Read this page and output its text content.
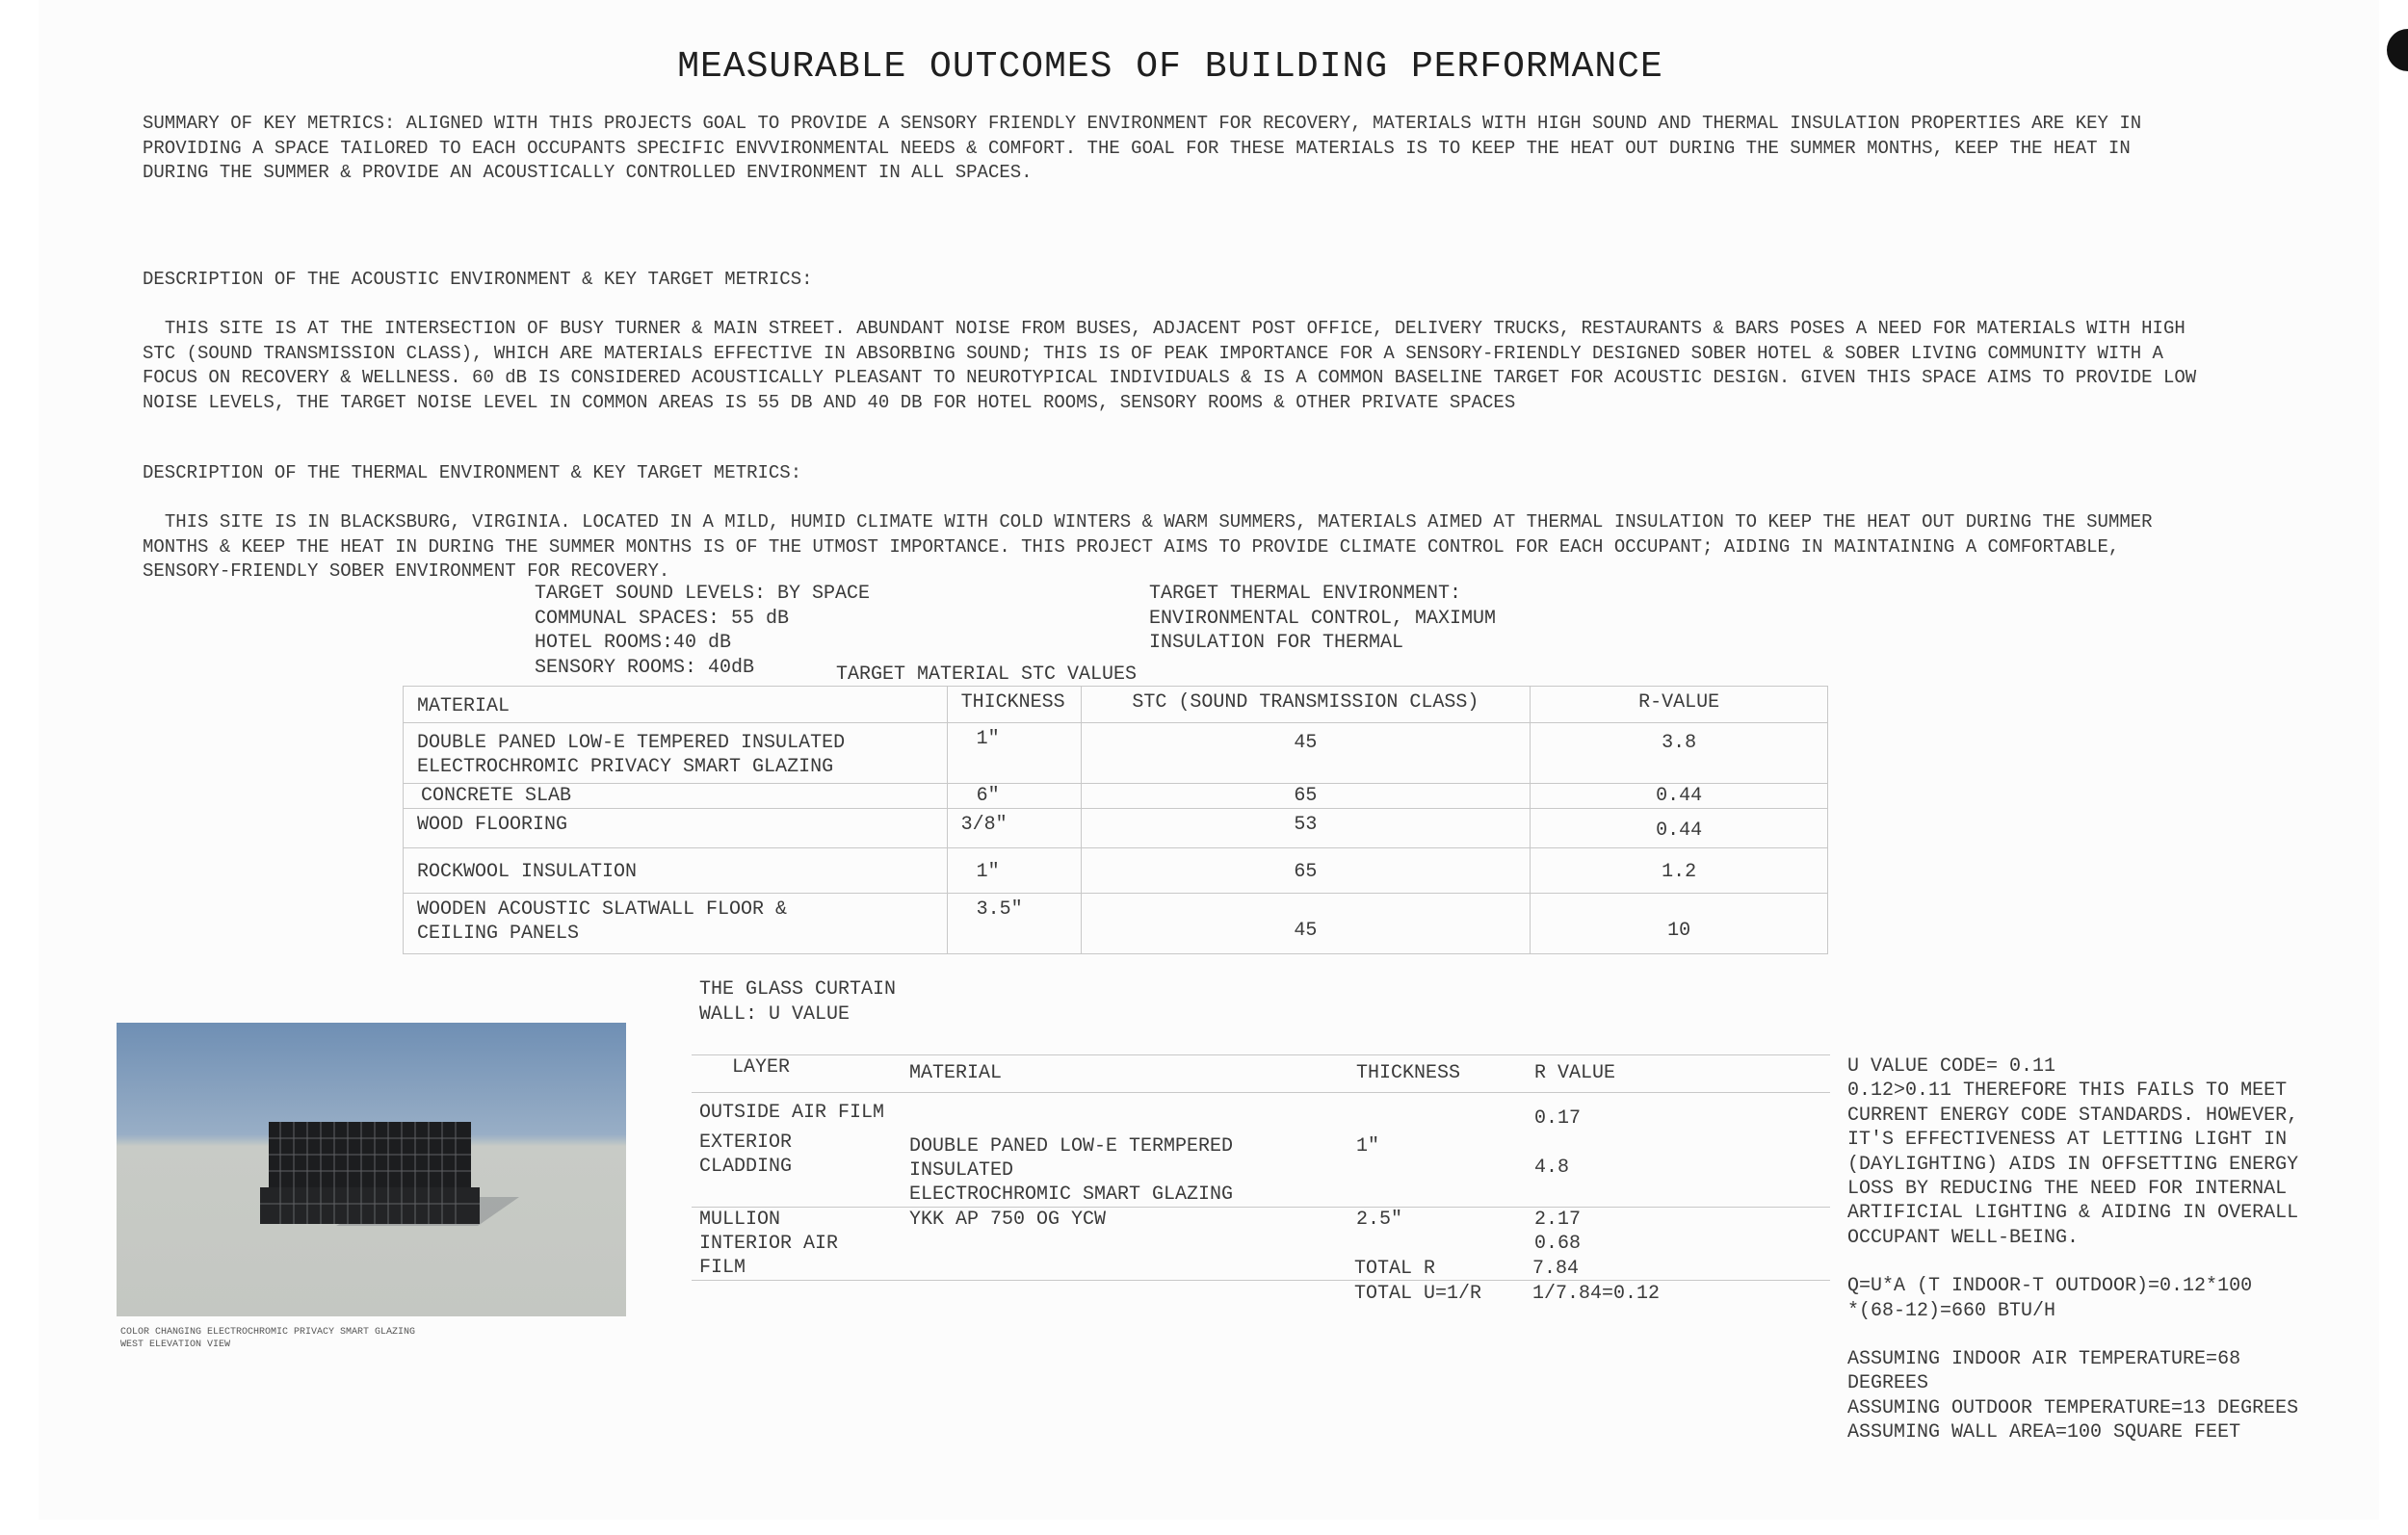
MEASURABLE OUTCOMES OF BUILDING PERFORMANCE
SUMMARY OF KEY METRICS: ALIGNED WITH THIS PROJECTS GOAL TO PROVIDE A SENSORY FRIENDLY ENVIRONMENT FOR RECOVERY, MATERIALS WITH HIGH SOUND AND THERMAL INSULATION PROPERTIES ARE KEY IN PROVIDING A SPACE TAILORED TO EACH OCCUPANTS SPECIFIC ENVVIRONMENTAL NEEDS & COMFORT. THE GOAL FOR THESE MATERIALS IS TO KEEP THE HEAT OUT DURING THE SUMMER MONTHS, KEEP THE HEAT IN DURING THE SUMMER & PROVIDE AN ACOUSTICALLY CONTROLLED ENVIRONMENT IN ALL SPACES.

DESCRIPTION OF THE ACOUSTIC ENVIRONMENT & KEY TARGET METRICS:

THIS SITE IS AT THE INTERSECTION OF BUSY TURNER & MAIN STREET. ABUNDANT NOISE FROM BUSES, ADJACENT POST OFFICE, DELIVERY TRUCKS, RESTAURANTS & BARS POSES A NEED FOR MATERIALS WITH HIGH STC (SOUND TRANSMISSION CLASS), WHICH ARE MATERIALS EFFECTIVE IN ABSORBING SOUND; THIS IS OF PEAK IMPORTANCE FOR A SENSORY-FRIENDLY DESIGNED SOBER HOTEL & SOBER LIVING COMMUNITY WITH A FOCUS ON RECOVERY & WELLNESS. 60 dB IS CONSIDERED ACOUSTICALLY PLEASANT TO NEUROTYPICAL INDIVIDUALS & IS A COMMON BASELINE TARGET FOR ACOUSTIC DESIGN. GIVEN THIS SPACE AIMS TO PROVIDE LOW NOISE LEVELS, THE TARGET NOISE LEVEL IN COMMON AREAS IS 55 DB AND 40 DB FOR HOTEL ROOMS, SENSORY ROOMS & OTHER PRIVATE SPACES

DESCRIPTION OF THE THERMAL ENVIRONMENT & KEY TARGET METRICS:

THIS SITE IS IN BLACKSBURG, VIRGINIA. LOCATED IN A MILD, HUMID CLIMATE WITH COLD WINTERS & WARM SUMMERS, MATERIALS AIMED AT THERMAL INSULATION TO KEEP THE HEAT OUT DURING THE SUMMER MONTHS & KEEP THE HEAT IN DURING THE SUMMER MONTHS IS OF THE UTMOST IMPORTANCE. THIS PROJECT AIMS TO PROVIDE CLIMATE CONTROL FOR EACH OCCUPANT; AIDING IN MAINTAINING A COMFORTABLE, SENSORY-FRIENDLY SOBER ENVIRONMENT FOR RECOVERY.

TARGET SOUND LEVELS: BY SPACE
COMMUNAL SPACES: 55 dB
HOTEL ROOMS:40 dB
SENSORY ROOMS: 40dB
TARGET THERMAL ENVIRONMENT:
ENVIRONMENTAL CONTROL, MAXIMUM
INSULATION FOR THERMAL
TARGET MATERIAL STC VALUES
MATERIAL	THICKNESS	STC (SOUND TRANSMISSION CLASS)	R-VALUE

DOUBLE PANED LOW-E TEMPERED INSULATED
ELECTROCHROMIC PRIVACY SMART GLAZING	1"	45	3.8

CONCRETE SLAB	6"	65	0.44

WOOD FLOORING	3/8"	53	0.44

ROCKWOOL INSULATION	1"	65	1.2

WOODEN ACOUSTIC SLATWALL FLOOR &
CEILING PANELS	3.5"	45	10
THE GLASS CURTAIN
WALL: U VALUE
LAYER	MATERIAL	THICKNESS	R VALUE
OUTSIDE AIR FILM			0.17
EXTERIOR CLADDING	DOUBLE PANED LOW-E TERMPERED INSULATED
ELECTROCHROMIC SMART GLAZING	1"	4.8
MULLION	YKK AP 750 OG YCW	2.5"	2.17
INTERIOR AIR FILM			0.68
TOTAL R	7.84
TOTAL U=1/R	1/7.84=0.12
COLOR CHANGING ELECTROCHROMIC PRIVACY SMART GLAZING
WEST ELEVATION VIEW
U VALUE CODE= 0.11
0.12>0.11 THEREFORE THIS FAILS TO MEET
CURRENT ENERGY CODE STANDARDS. HOWEVER,
IT'S EFFECTIVENESS AT LETTING LIGHT IN
(DAYLIGHTING) AIDS IN OFFSETTING ENERGY
LOSS BY REDUCING THE NEED FOR INTERNAL
ARTIFICIAL LIGHTING & AIDING IN OVERALL
OCCUPANT WELL-BEING.
Q=U*A (T INDOOR-T OUTDOOR)=0.12*100
*(68-12)=660 BTU/H
ASSUMING INDOOR AIR TEMPERATURE=68
DEGREES
ASSUMING OUTDOOR TEMPERATURE=13 DEGREES
ASSUMING WALL AREA=100 SQUARE FEET
